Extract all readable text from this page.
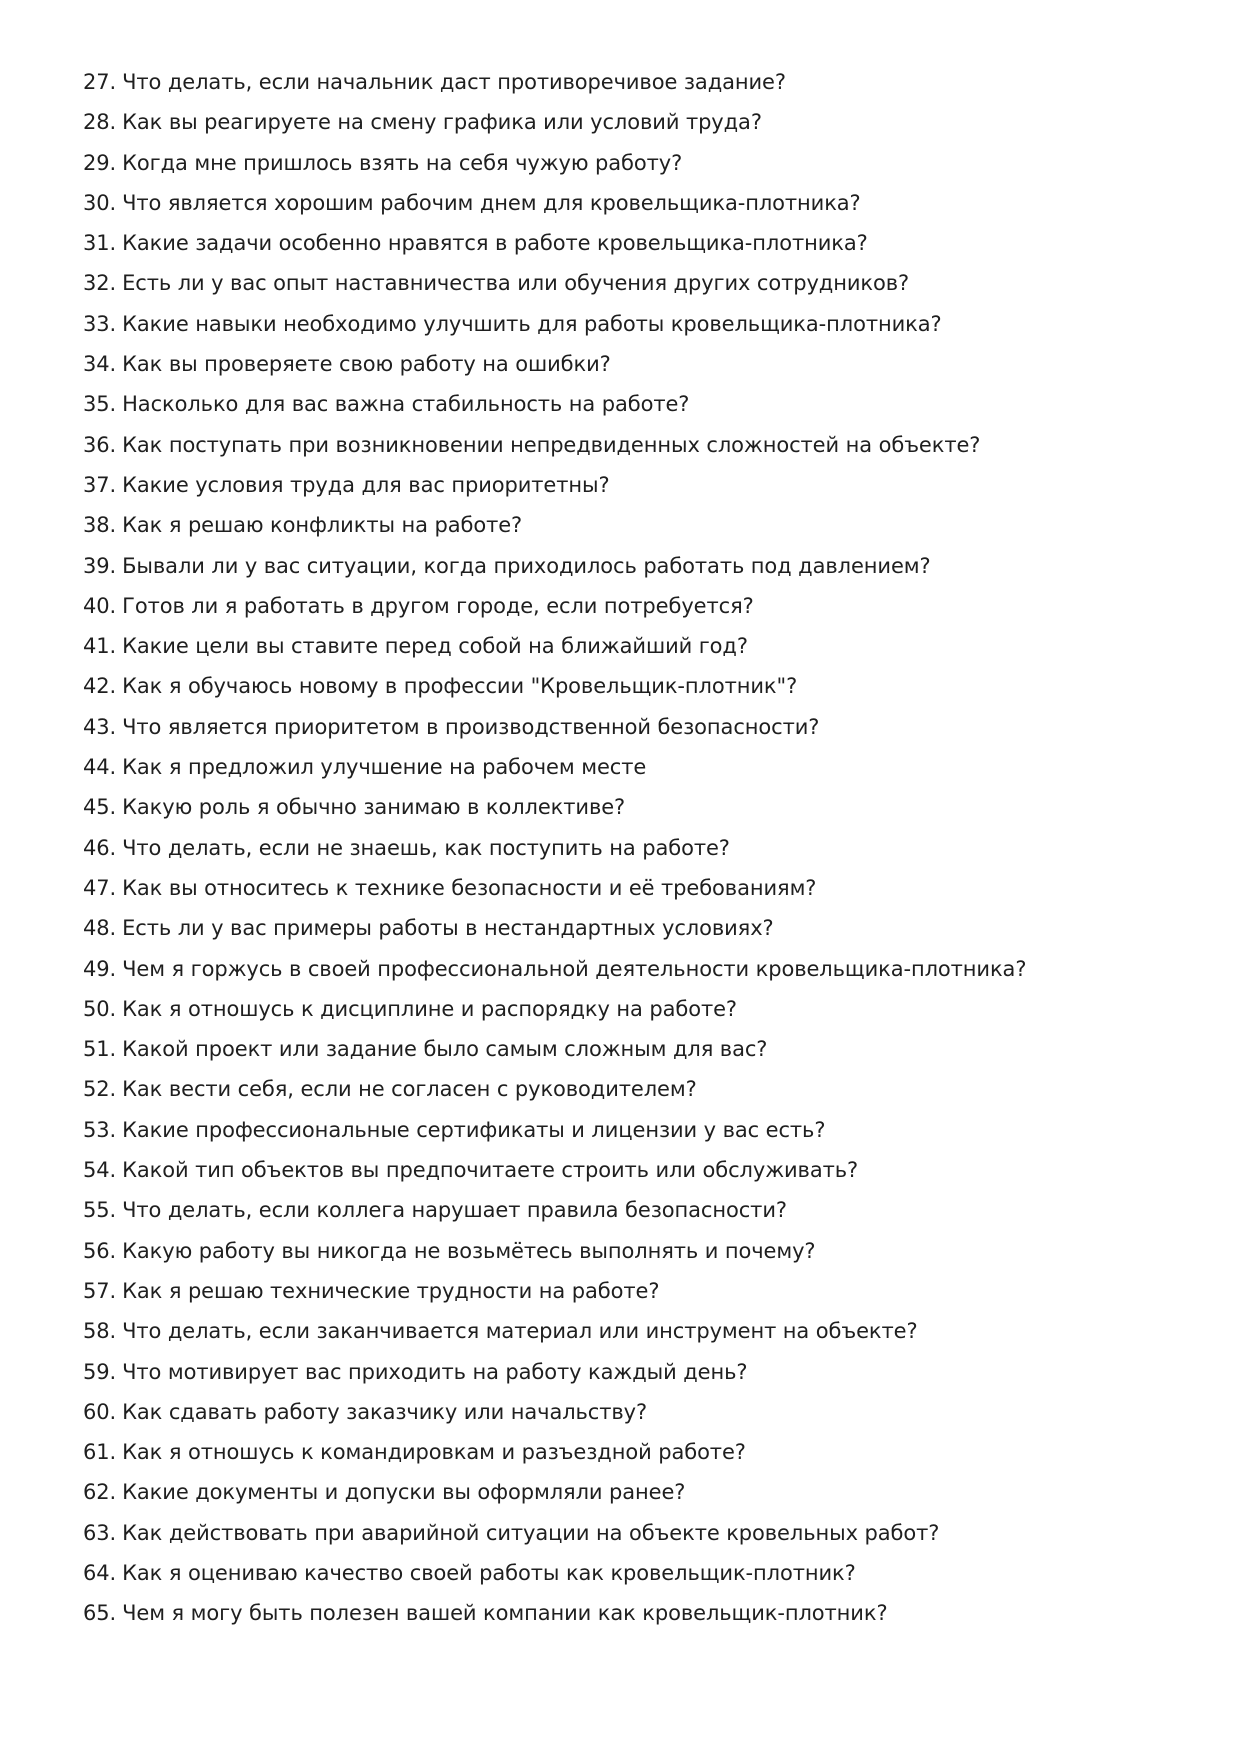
27. Что делать, если начальник даст противоречивое задание?
28. Как вы реагируете на смену графика или условий труда?
29. Когда мне пришлось взять на себя чужую работу?
30. Что является хорошим рабочим днем для кровельщика-плотника?
31. Какие задачи особенно нравятся в работе кровельщика-плотника?
32. Есть ли у вас опыт наставничества или обучения других сотрудников?
33. Какие навыки необходимо улучшить для работы кровельщика-плотника?
34. Как вы проверяете свою работу на ошибки?
35. Насколько для вас важна стабильность на работе?
36. Как поступать при возникновении непредвиденных сложностей на объекте?
37. Какие условия труда для вас приоритетны?
38. Как я решаю конфликты на работе?
39. Бывали ли у вас ситуации, когда приходилось работать под давлением?
40. Готов ли я работать в другом городе, если потребуется?
41. Какие цели вы ставите перед собой на ближайший год?
42. Как я обучаюсь новому в профессии "Кровельщик-плотник"?
43. Что является приоритетом в производственной безопасности?
44. Как я предложил улучшение на рабочем месте
45. Какую роль я обычно занимаю в коллективе?
46. Что делать, если не знаешь, как поступить на работе?
47. Как вы относитесь к технике безопасности и её требованиям?
48. Есть ли у вас примеры работы в нестандартных условиях?
49. Чем я горжусь в своей профессиональной деятельности кровельщика-плотника?
50. Как я отношусь к дисциплине и распорядку на работе?
51. Какой проект или задание было самым сложным для вас?
52. Как вести себя, если не согласен с руководителем?
53. Какие профессиональные сертификаты и лицензии у вас есть?
54. Какой тип объектов вы предпочитаете строить или обслуживать?
55. Что делать, если коллега нарушает правила безопасности?
56. Какую работу вы никогда не возьмётесь выполнять и почему?
57. Как я решаю технические трудности на работе?
58. Что делать, если заканчивается материал или инструмент на объекте?
59. Что мотивирует вас приходить на работу каждый день?
60. Как сдавать работу заказчику или начальству?
61. Как я отношусь к командировкам и разъездной работе?
62. Какие документы и допуски вы оформляли ранее?
63. Как действовать при аварийной ситуации на объекте кровельных работ?
64. Как я оцениваю качество своей работы как кровельщик-плотник?
65. Чем я могу быть полезен вашей компании как кровельщик-плотник?
